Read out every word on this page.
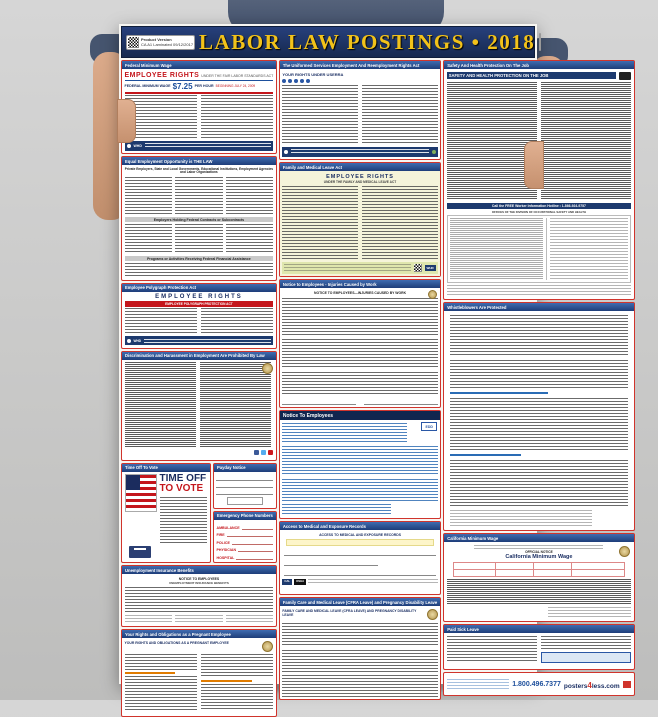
Product Version
CA A1 Laminated 09/12/2017 LABOR LAW POSTINGS • 2018
Federal Minimum Wage
EMPLOYEE RIGHTS UNDER THE FAIR LABOR STANDARDS ACT
FEDERAL MINIMUM WAGE $7.25 PER HOUR BEGINNING JULY 24, 2009
WHD
Equal Employment Opportunity is THE LAW
Private Employers, State and Local Governments, Educational Institutions, Employment Agencies and Labor Organizations
Employers Holding Federal Contracts or Subcontracts
Programs or Activities Receiving Federal Financial Assistance
Employee Polygraph Protection Act
EMPLOYEE RIGHTS
EMPLOYEE POLYGRAPH PROTECTION ACT
WHD
Discrimination and Harassment in Employment Are Prohibited By Law
Time Off To Vote
TIME OFF
TO VOTE
Payday Notice
Emergency Phone Numbers
AMBULANCE
FIRE
POLICE
PHYSICIAN
HOSPITAL
Unemployment Insurance Benefits
NOTICE TO EMPLOYEES
UNEMPLOYMENT INSURANCE BENEFITS
Your Rights and Obligations as a Pregnant Employee
YOUR RIGHTS AND OBLIGATIONS AS A PREGNANT EMPLOYEE
The Uniformed Services Employment And Reemployment Rights Act
YOUR RIGHTS UNDER USERRA
Family and Medical Leave Act
EMPLOYEE RIGHTS
UNDER THE FAMILY AND MEDICAL LEAVE ACT
WHD
Notice to Employees - Injuries Caused by Work
NOTICE TO EMPLOYEES—INJURIES CAUSED BY WORK
Notice To Employees
EDD
Access to Medical and Exposure Records
ACCESS TO MEDICAL AND EXPOSURE RECORDS
CAL	OSHA
Family Care and Medical Leave (CFRA Leave) and Pregnancy Disability Leave
FAMILY CARE AND MEDICAL LEAVE (CFRA LEAVE) AND PREGNANCY DISABILITY LEAVE
Safety And Health Protection On The Job
SAFETY AND HEALTH PROTECTION ON THE JOB
Call the FREE Worker Information Hotline • 1-866-924-9757
OFFICES OF THE DIVISION OF OCCUPATIONAL SAFETY AND HEALTH
Whistleblowers Are Protected
California Minimum Wage
OFFICIAL NOTICE
California Minimum Wage
Paid Sick Leave
1.800.496.7377 posters4less.com
